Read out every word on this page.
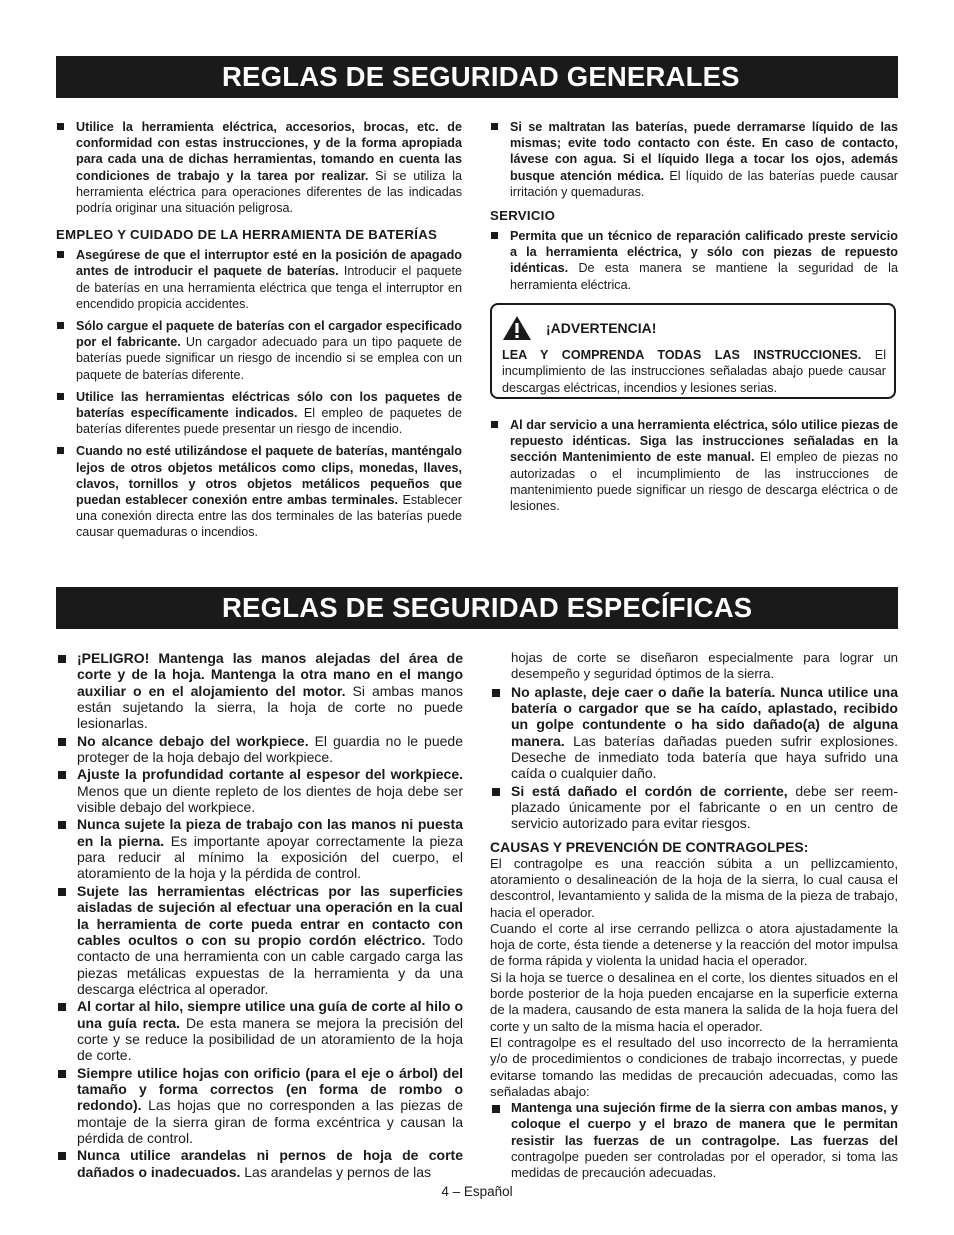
REGLAS DE SEGURIDAD GENERALES
Utilice la herramienta eléctrica, accesorios, brocas, etc. de conformidad con estas instrucciones, y de la forma apropiada para cada una de dichas herramientas, tomando en cuenta las condiciones de trabajo y la tarea por realizar. Si se utiliza la herramienta eléctrica para operaciones diferentes de las indicadas podría originar una situación peligrosa.
EMPLEO Y CUIDADO DE LA HERRAMIENTA DE BATERÍAS
Asegúrese de que el interruptor esté en la posición de apagado antes de introducir el paquete de baterías. Introducir el paquete de baterías en una herramienta eléctrica que tenga el interruptor en encendido propicia accidentes.
Sólo cargue el paquete de baterías con el cargador especificado por el fabricante. Un cargador adecuado para un tipo paquete de baterías puede significar un riesgo de incendio si se emplea con un paquete de baterías diferente.
Utilice las herramientas eléctricas sólo con los paquetes de baterías específicamente indicados. El empleo de paquetes de baterías diferentes puede presentar un riesgo de incendio.
Cuando no esté utilizándose el paquete de baterías, manténgalo lejos de otros objetos metálicos como clips, monedas, llaves, clavos, tornillos y otros objetos metálicos pequeños que puedan establecer conexión entre ambas terminales. Establecer una conexión directa entre las dos terminales de las baterías puede causar quemaduras o incendios.
Si se maltratan las baterías, puede derramarse líquido de las mismas; evite todo contacto con éste. En caso de contacto, lávese con agua. Si el líquido llega a tocar los ojos, además busque atención médica. El líquido de las baterías puede causar irritación y quemaduras.
SERVICIO
Permita que un técnico de reparación calificado preste servicio a la herramienta eléctrica, y sólo con piezas de repuesto idénticas. De esta manera se mantiene la seguridad de la herramienta eléctrica.
¡ADVERTENCIA!
LEA Y COMPRENDA TODAS LAS INSTRUCCIONES. El incumplimiento de las instrucciones señaladas abajo puede causar descargas eléctricas, incendios y lesiones serias.
Al dar servicio a una herramienta eléctrica, sólo utilice piezas de repuesto idénticas. Siga las instrucciones señaladas en la sección Mantenimiento de este manual. El empleo de piezas no autorizadas o el incumplimiento de las instrucciones de mantenimiento puede significar un riesgo de descarga eléctrica o de lesiones.
REGLAS DE SEGURIDAD ESPECÍFICAS
¡PELIGRO! Mantenga las manos alejadas del área de corte y de la hoja. Mantenga la otra mano en el mango auxiliar o en el alojamiento del motor. Si ambas manos están sujetando la sierra, la hoja de corte no puede lesionarlas.
No alcance debajo del workpiece. El guardia no le puede proteger de la hoja debajo del workpiece.
Ajuste la profundidad cortante al espesor del workpiece. Menos que un diente repleto de los dientes de hoja debe ser visible debajo del workpiece.
Nunca sujete la pieza de trabajo con las manos ni puesta en la pierna. Es importante apoyar correctamente la pieza para reducir al mínimo la exposición del cuerpo, el atoramiento de la hoja y la pérdida de control.
Sujete las herramientas eléctricas por las superficies aisladas de sujeción al efectuar una operación en la cual la herramienta de corte pueda entrar en contacto con cables ocultos o con su propio cordón eléctrico. Todo contacto de una herramienta con un cable cargado carga las piezas metálicas expuestas de la herramienta y da una descarga eléctrica al operador.
Al cortar al hilo, siempre utilice una guía de corte al hilo o una guía recta. De esta manera se mejora la precisión del corte y se reduce la posibilidad de un atoramiento de la hoja de corte.
Siempre utilice hojas con orificio (para el eje o árbol) del tamaño y forma correctos (en forma de rombo o redondo). Las hojas que no corresponden a las piezas de montaje de la sierra giran de forma excéntrica y causan la pérdida de control.
Nunca utilice arandelas ni pernos de hoja de corte dañados o inadecuados. Las arandelas y pernos de las

hojas de corte se diseñaron especialmente para lograr un desempeño y seguridad óptimos de la sierra.

No aplaste, deje caer o dañe la batería. Nunca utilice una batería o cargador que se ha caído, aplastado, recibido un golpe contundente o ha sido dañado(a) de alguna manera. Las baterías dañadas pueden sufrir explosiones. Deseche de inmediato toda batería que haya sufrido una caída o cualquier daño.
Si está dañado el cordón de corriente, debe ser reem-plazado únicamente por el fabricante o en un centro de servicio autorizado para evitar riesgos.
CAUSAS Y PREVENCIÓN DE CONTRAGOLPES:

El contragolpe es una reacción súbita a un pellizcamiento, atoramiento o desalineación de la hoja de la sierra, lo cual causa el descontrol, levantamiento y salida de la misma de la pieza de trabajo, hacia el operador.

Cuando el corte al irse cerrando pellizca o atora ajustadamente la hoja de corte, ésta tiende a detenerse y la reacción del motor impulsa de forma rápida y violenta la unidad hacia el operador.

Si la hoja se tuerce o desalinea en el corte, los dientes situados en el borde posterior de la hoja pueden encajarse en la superficie externa de la madera, causando de esta manera la salida de la hoja fuera del corte y un salto de la misma hacia el operador.

El contragolpe es el resultado del uso incorrecto de la herramienta y/o de procedimientos o condiciones de trabajo incorrectas, y puede evitarse tomando las medidas de precaución adecuadas, como las señaladas abajo:

Mantenga una sujeción firme de la sierra con ambas manos, y coloque el cuerpo y el brazo de manera que le permitan resistir las fuerzas de un contragolpe. Las fuerzas del contragolpe pueden ser controladas por el operador, si toma las medidas de precaución adecuadas.
4 – Español
